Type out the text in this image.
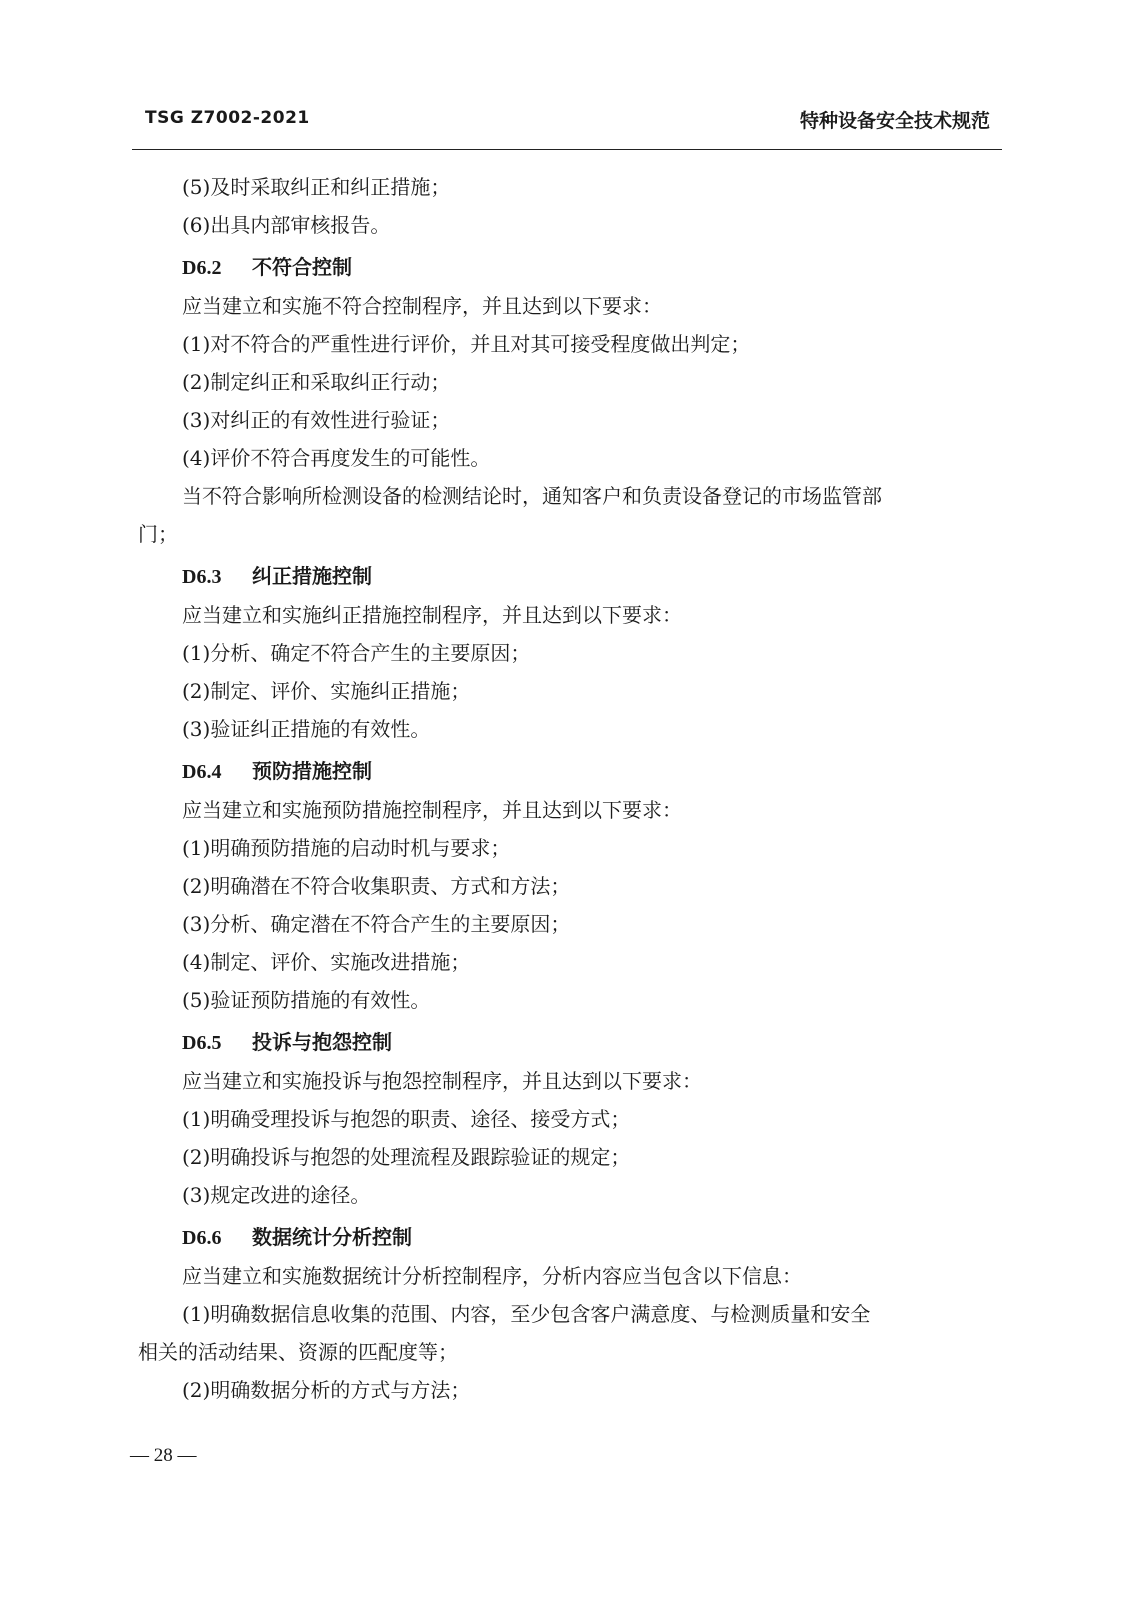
TSG Z7002-2021	特种设备安全技术规范
(5)及时采取纠正和纠正措施；
(6)出具内部审核报告。
D6.2 不符合控制
应当建立和实施不符合控制程序，并且达到以下要求：
(1)对不符合的严重性进行评价，并且对其可接受程度做出判定；
(2)制定纠正和采取纠正行动；
(3)对纠正的有效性进行验证；
(4)评价不符合再度发生的可能性。
当不符合影响所检测设备的检测结论时，通知客户和负责设备登记的市场监管部
门；
D6.3 纠正措施控制
应当建立和实施纠正措施控制程序，并且达到以下要求：
(1)分析、确定不符合产生的主要原因；
(2)制定、评价、实施纠正措施；
(3)验证纠正措施的有效性。
D6.4 预防措施控制
应当建立和实施预防措施控制程序，并且达到以下要求：
(1)明确预防措施的启动时机与要求；
(2)明确潜在不符合收集职责、方式和方法；
(3)分析、确定潜在不符合产生的主要原因；
(4)制定、评价、实施改进措施；
(5)验证预防措施的有效性。
D6.5 投诉与抱怨控制
应当建立和实施投诉与抱怨控制程序，并且达到以下要求：
(1)明确受理投诉与抱怨的职责、途径、接受方式；
(2)明确投诉与抱怨的处理流程及跟踪验证的规定；
(3)规定改进的途径。
D6.6 数据统计分析控制
应当建立和实施数据统计分析控制程序，分析内容应当包含以下信息：
(1)明确数据信息收集的范围、内容，至少包含客户满意度、与检测质量和安全
相关的活动结果、资源的匹配度等；
(2)明确数据分析的方式与方法；
— 28 —
